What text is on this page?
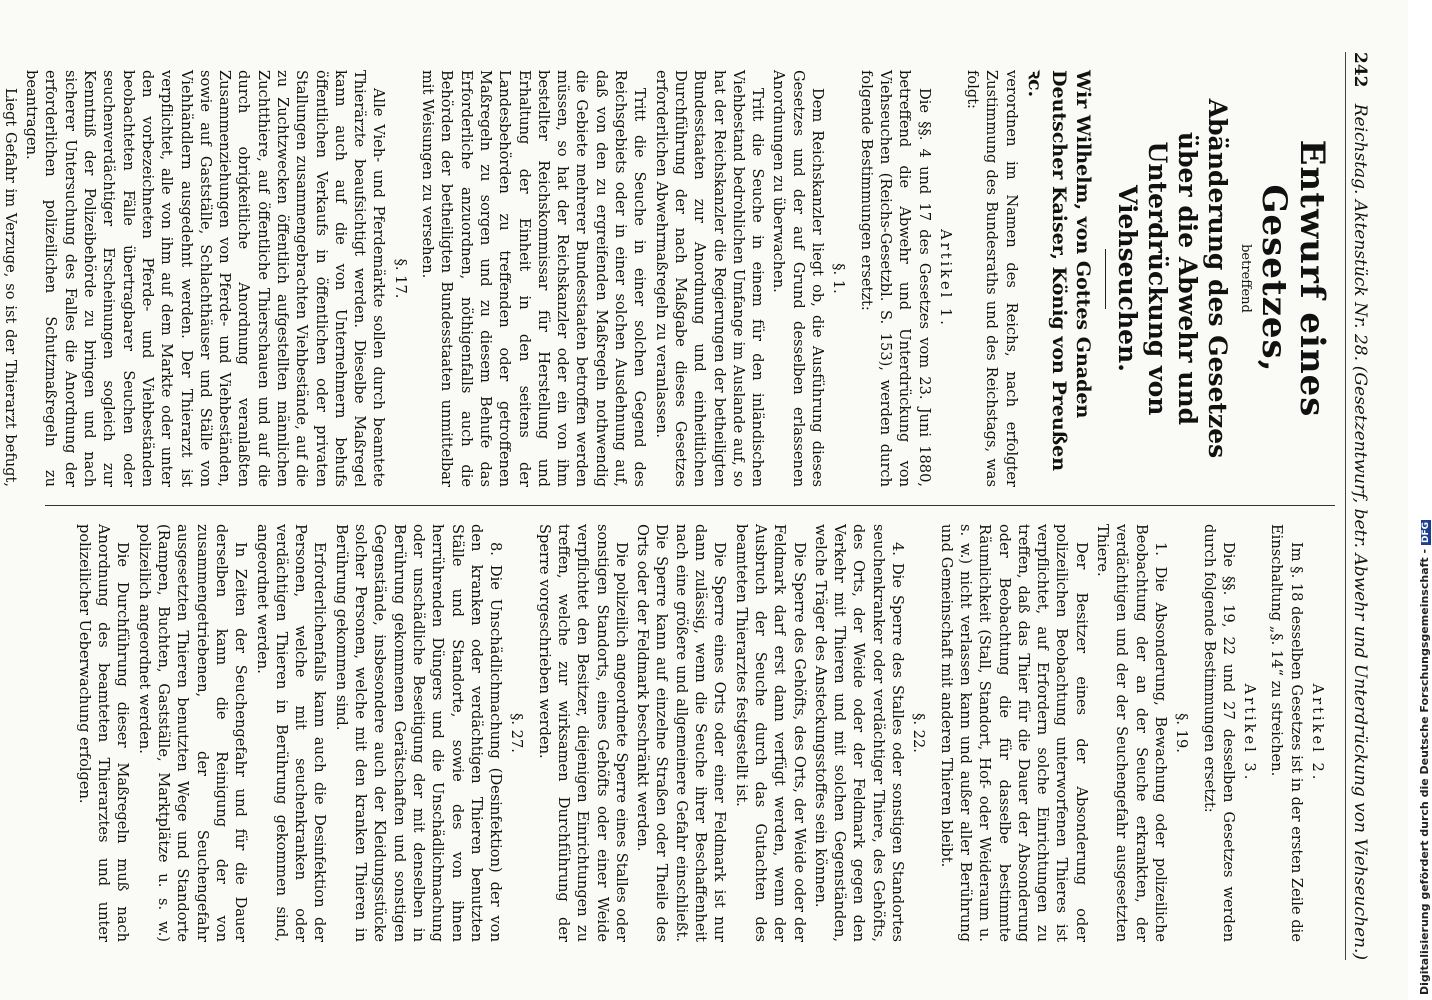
242   Reichstag. Aktenstück Nr. 28.
(Gesetzentwurf, betr. Abwehr und Unterdrückung von Viehseuchen.)
Entwurf eines Gesetzes,
betreffend
Abänderung des Gesetzes über die Abwehr und Unterdrückung von Viehseuchen.

Wir Wilhelm, von Gottes Gnaden Deutscher Kaiser, König von Preußen ꝛc.

verordnen im Namen des Reichs, nach erfolgter Zustimmung des Bundesraths und des Reichstags, was folgt:

Artikel 1.

Die §§. 4 und 17 des Gesetzes vom 23. Juni 1880, betreffend die Abwehr und Unterdrückung von Viehseuchen (Reichs-Gesetzbl. S. 153), werden durch folgende Bestimmungen ersetzt:

§. 1.

Dem Reichskanzler liegt ob, die Ausführung dieses Gesetzes und der auf Grund desselben erlassenen Anordnungen zu überwachen.

Tritt die Seuche in einem für den inländischen Viehbestand bedrohlichen Umfange im Auslande auf, so hat der Reichskanzler die Regierungen der betheiligten Bundesstaaten zur Anordnung und einheitlichen Durchführung der nach Maßgabe dieses Gesetzes erforderlichen Abwehrmaßregeln zu veranlassen.

Tritt die Seuche in einer solchen Gegend des Reichsgebiets oder in einer solchen Ausdehnung auf, daß von den zu ergreifenden Maßregeln nothwendig die Gebiete mehrerer Bundesstaaten betroffen werden müssen, so hat der Reichskanzler oder ein von ihm bestellter Reichskommissar für Herstellung und Erhaltung der Einheit in den seitens der Landesbehörden zu treffenden oder getroffenen Maßregeln zu sorgen und zu diesem Behufe das Erforderliche anzuordnen, nöthigenfalls auch die Behörden der betheiligten Bundesstaaten unmittelbar mit Weisungen zu versehen.

§. 17.

Alle Vieh- und Pferdemärkte sollen durch beamtete Thierärzte beaufsichtigt werden. Dieselbe Maßregel kann auch auf die von Unternehmern behufs öffentlichen Verkaufs in öffentlichen oder privaten Stallungen zusammengebrachten Viehbestände, auf die zu Zuchtzwecken öffentlich aufgestellten männlichen Zuchtthiere, auf öffentliche Thierschauen und auf die durch obrigkeitliche Anordnung veranlaßten Zusammenziehungen von Pferde- und Viehbeständen, sowie auf Gastställe, Schlachthäuser und Ställe von Viehhändlern ausgedehnt werden. Der Thierarzt ist verpflichtet, alle von ihm auf dem Markte oder unter den vorbezeichneten Pferde- und Viehbeständen beobachteten Fälle übertragbarer Seuchen oder seuchenverdächtiger Erscheinungen sogleich zur Kenntniß der Polizeibehörde zu bringen und nach sicherer Untersuchung des Falles die Anordnung der erforderlichen polizeilichen Schutzmaßregeln zu beantragen.

Liegt Gefahr im Verzuge, so ist der Thierarzt befugt,

Artikel 2.

Im §. 18 desselben Gesetzes ist in der ersten Zeile die Einschaltung „§. 14“ zu streichen.

Artikel 3.

Die §§. 19, 22 und 27 desselben Gesetzes werden durch folgende Bestimmungen ersetzt:

§. 19.

1. Die Absonderung, Bewachung oder polizeiliche Beobachtung der an der Seuche erkrankten, der verdächtigen und der der Seuchengefahr ausgesetzten Thiere.

Der Besitzer eines der Absonderung oder polizeilichen Beobachtung unterworfenen Thieres ist verpflichtet, auf Erfordern solche Einrichtungen zu treffen, daß das Thier für die Dauer der Absonderung oder Beobachtung die für dasselbe bestimmte Räumlichkeit (Stall, Standort, Hof- oder Weideraum u. s. w.) nicht verlassen kann und außer aller Berührung und Gemeinschaft mit anderen Thieren bleibt.

§. 22.

4. Die Sperre des Stalles oder sonstigen Standortes seuchenkranker oder verdächtiger Thiere, des Gehöfts, des Orts, der Weide oder der Feldmark gegen den Verkehr mit Thieren und mit solchen Gegenständen, welche Träger des Ansteckungsstoffes sein können.

Die Sperre des Gehöfts, des Orts, der Weide oder der Feldmark darf erst dann verfügt werden, wenn der Ausbruch der Seuche durch das Gutachten des beamteten Thierarztes festgestellt ist.

Die Sperre eines Orts oder einer Feldmark ist nur dann zulässig, wenn die Seuche ihrer Beschaffenheit nach eine größere und allgemeinere Gefahr einschließt. Die Sperre kann auf einzelne Straßen oder Theile des Orts oder der Feldmark beschränkt werden.

Die polizeilich angeordnete Sperre eines Stalles oder sonstigen Standorts, eines Gehöfts oder einer Weide verpflichtet den Besitzer, diejenigen Einrichtungen zu treffen, welche zur wirksamen Durchführung der Sperre vorgeschrieben werden.

§. 27.

8. Die Unschädlichmachung (Desinfektion) der von den kranken oder verdächtigen Thieren benutzten Ställe und Standorte, sowie des von ihnen herrührenden Düngers und die Unschädlichmachung oder unschädliche Beseitigung der mit denselben in Berührung gekommenen Gerätschaften und sonstigen Gegenstände, insbesondere auch der Kleidungsstücke solcher Personen, welche mit den kranken Thieren in Berührung gekommen sind.

Erforderlichenfalls kann auch die Desinfektion der Personen, welche mit seuchenkranken oder verdächtigen Thieren in Berührung gekommen sind, angeordnet werden.

In Zeiten der Seuchengefahr und für die Dauer derselben kann die Reinigung der von zusammengetriebenen, der Seuchengefahr ausgesetzten Thieren benutzten Wege und Standorte (Rampen, Buchten, Gastställe, Marktplätze u. s. w.) polizeilich angeordnet werden.

Die Durchführung dieser Maßregeln muß nach Anordnung des beamteten Thierarztes und unter polizeilicher Ueberwachung erfolgen.	Digitalisierung gefördert durch die Deutsche Forschungsgemeinschaft -DFG
